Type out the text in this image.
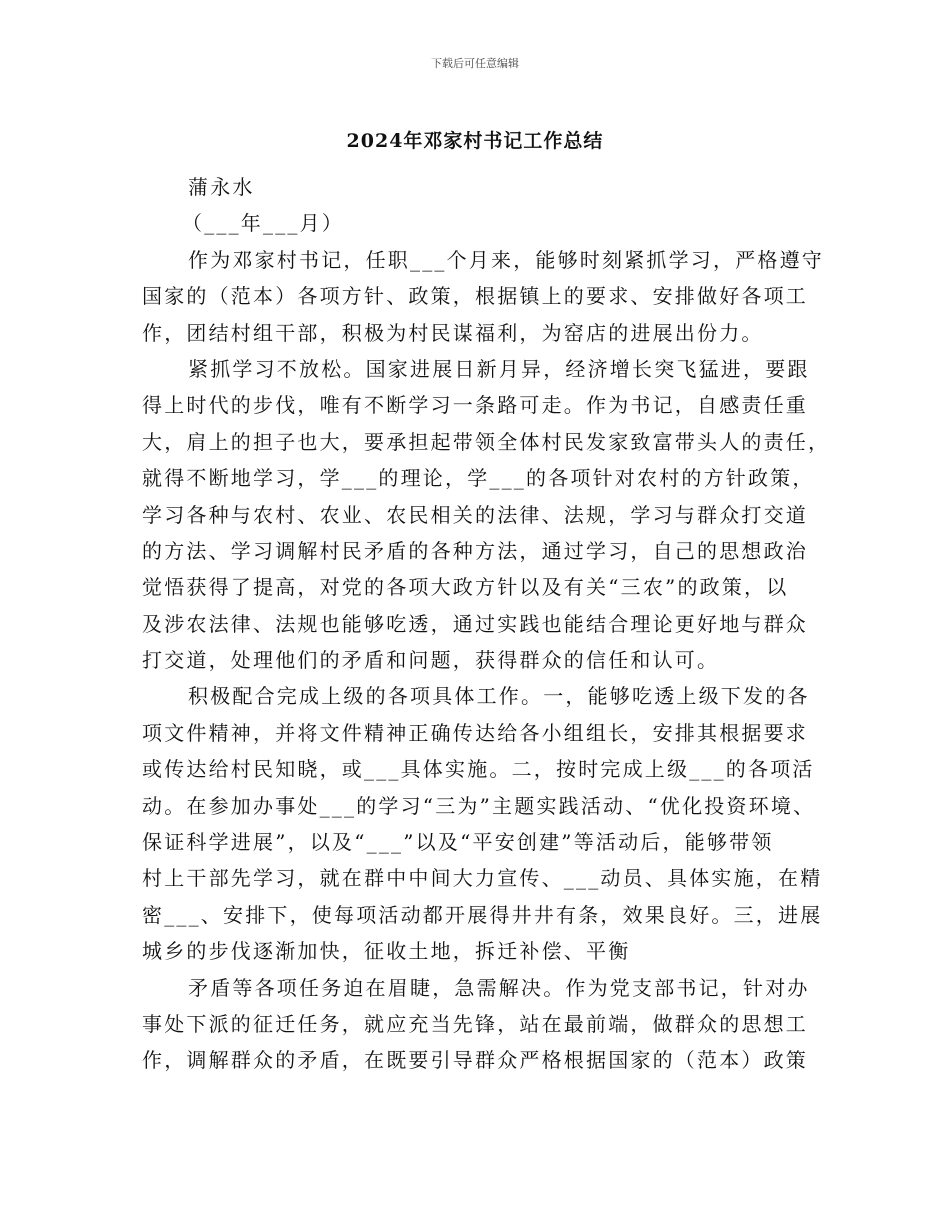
下载后可任意编辑
2024年邓家村书记工作总结
蒲永水
（___年___月）
作为邓家村书记，任职___个月来，能够时刻紧抓学习，严格遵守
国家的（范本）各项方针、政策，根据镇上的要求、安排做好各项工
作，团结村组干部，积极为村民谋福利，为窑店的进展出份力。
紧抓学习不放松。国家进展日新月异，经济增长突飞猛进，要跟
得上时代的步伐，唯有不断学习一条路可走。作为书记，自感责任重
大，肩上的担子也大，要承担起带领全体村民发家致富带头人的责任，
就得不断地学习，学___的理论，学___的各项针对农村的方针政策，
学习各种与农村、农业、农民相关的法律、法规，学习与群众打交道
的方法、学习调解村民矛盾的各种方法，通过学习，自己的思想政治
觉悟获得了提高，对党的各项大政方针以及有关“三农”的政策，以
及涉农法律、法规也能够吃透，通过实践也能结合理论更好地与群众
打交道，处理他们的矛盾和问题，获得群众的信任和认可。
积极配合完成上级的各项具体工作。一，能够吃透上级下发的各
项文件精神，并将文件精神正确传达给各小组组长，安排其根据要求
或传达给村民知晓，或___具体实施。二，按时完成上级___的各项活
动。在参加办事处___的学习“三为”主题实践活动、“优化投资环境、
保证科学进展”，以及“___”以及“平安创建”等活动后，能够带领
村上干部先学习，就在群中中间大力宣传、___动员、具体实施，在精
密___、安排下，使每项活动都开展得井井有条，效果良好。三，进展
城乡的步伐逐渐加快，征收土地，拆迁补偿、平衡
矛盾等各项任务迫在眉睫，急需解决。作为党支部书记，针对办
事处下派的征迁任务，就应充当先锋，站在最前端，做群众的思想工
作，调解群众的矛盾，在既要引导群众严格根据国家的（范本）政策
